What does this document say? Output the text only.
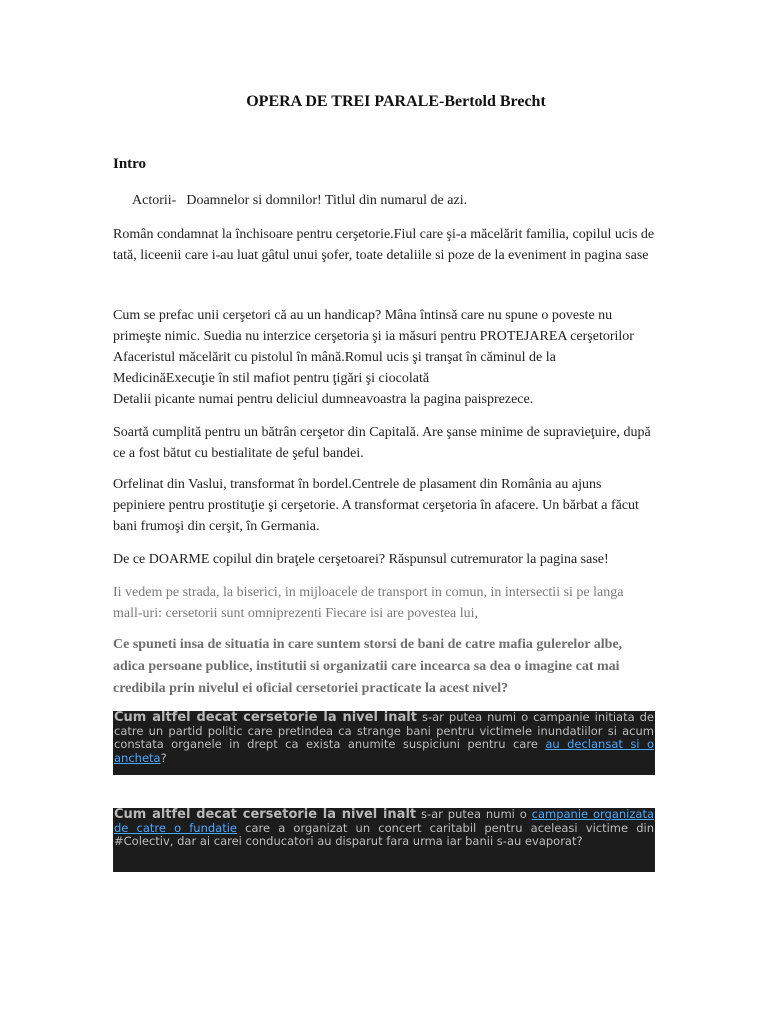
OPERA DE TREI PARALE-Bertold Brecht
Intro
Actorii- Doamnelor si domnilor! Titlul din numarul de azi.
Român condamnat la închisoare pentru cerşetorie.Fiul care şi-a măcelărit familia, copilul ucis de tată, liceenii care i-au luat gâtul unui şofer, toate detaliile si poze de la eveniment in pagina sase
Cum se prefac unii cerşetori că au un handicap? Mâna întinsă care nu spune o poveste nu primeşte nimic. Suedia nu interzice cerşetoria şi ia măsuri pentru PROTEJAREA cerşetorilor Afaceristul măcelărit cu pistolul în mână.Romul ucis şi tranşat în căminul de la MedicinăExecuţie în stil mafiot pentru ţigări şi ciocolată
Detalii picante numai pentru deliciul dumneavoastra la pagina paisprezece.
Soartă cumplită pentru un bătrân cerşetor din Capitală. Are şanse minime de supravieţuire, după ce a fost bătut cu bestialitate de şeful bandei.
Orfelinat din Vaslui, transformat în bordel.Centrele de plasament din România au ajuns pepiniere pentru prostituţie şi cerşetorie. A transformat cerşetoria în afacere. Un bărbat a făcut bani frumoşi din cerşit, în Germania.
De ce DOARME copilul din braţele cerşetoarei? Răspunsul cutremurator la pagina sase!
Ii vedem pe strada, la biserici, in mijloacele de transport in comun, in intersectii si pe langa mall-uri: cersetorii sunt omniprezenti Fiecare isi are povestea lui,
Ce spuneti insa de situatia in care suntem storsi de bani de catre mafia gulerelor albe, adica persoane publice, institutii si organizatii care incearca sa dea o imagine cat mai credibila prin nivelul ei oficial cersetoriei practicate la acest nivel?
Cum altfel decat cersetorie la nivel inalt s-ar putea numi o campanie initiata de catre un partid politic care pretindea ca strange bani pentru victimele inundatiilor si acum constata organele in drept ca exista anumite suspiciuni pentru care au declansat si o ancheta?
Cum altfel decat cersetorie la nivel inalt s-ar putea numi o campanie organizata de catre o fundatie care a organizat un concert caritabil pentru aceleasi victime din #Colectiv, dar ai carei conducatori au disparut fara urma iar banii s-au evaporat?
